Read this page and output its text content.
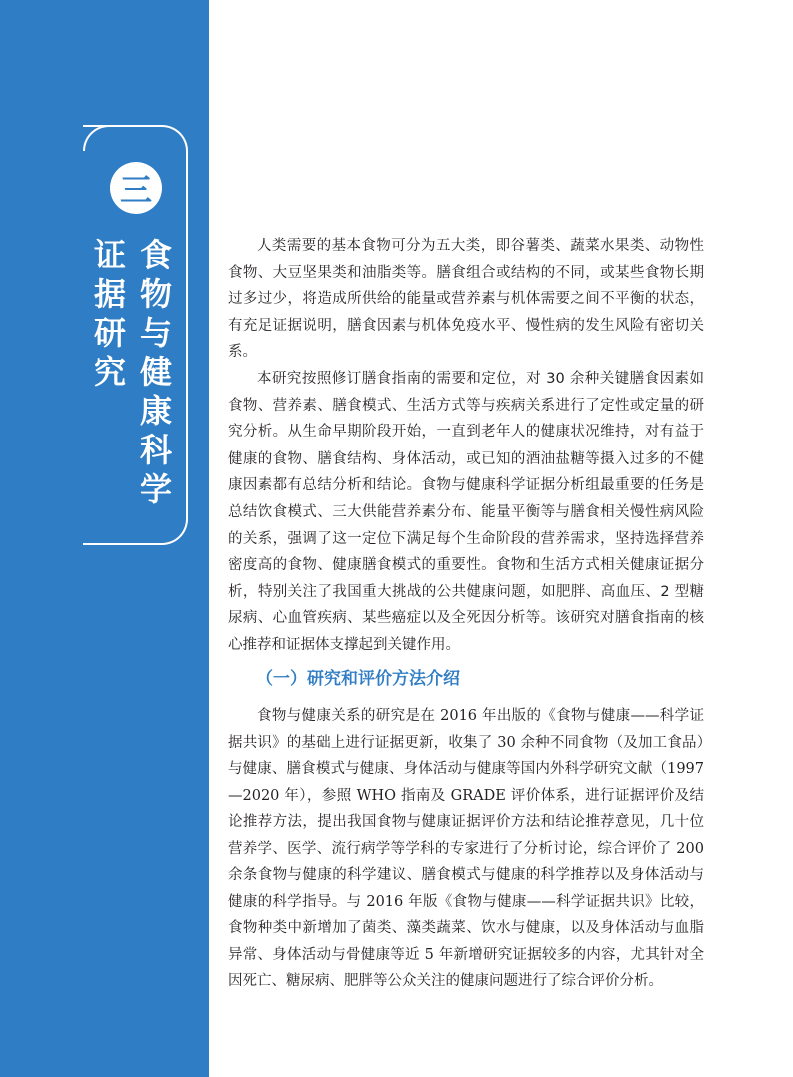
三
食
物
与
健
康
科
学
证
据
研
究

人类需要的基本食物可分为五大类，即谷薯类、蔬菜水果类、动物性食物、大豆坚果类和油脂类等。膳食组合或结构的不同，或某些食物长期过多过少，将造成所供给的能量或营养素与机体需要之间不平衡的状态，有充足证据说明，膳食因素与机体免疫水平、慢性病的发生风险有密切关系。

本研究按照修订膳食指南的需要和定位，对 30 余种关键膳食因素如食物、营养素、膳食模式、生活方式等与疾病关系进行了定性或定量的研究分析。从生命早期阶段开始，一直到老年人的健康状况维持，对有益于健康的食物、膳食结构、身体活动，或已知的酒油盐糖等摄入过多的不健康因素都有总结分析和结论。食物与健康科学证据分析组最重要的任务是总结饮食模式、三大供能营养素分布、能量平衡等与膳食相关慢性病风险的关系，强调了这一定位下满足每个生命阶段的营养需求，坚持选择营养密度高的食物、健康膳食模式的重要性。食物和生活方式相关健康证据分析，特别关注了我国重大挑战的公共健康问题，如肥胖、高血压、2 型糖尿病、心血管疾病、某些癌症以及全死因分析等。该研究对膳食指南的核心推荐和证据体支撑起到关键作用。

（一）研究和评价方法介绍

食物与健康关系的研究是在 2016 年出版的《食物与健康——科学证据共识》的基础上进行证据更新，收集了 30 余种不同食物（及加工食品）与健康、膳食模式与健康、身体活动与健康等国内外科学研究文献（1997—2020 年），参照 WHO 指南及 GRADE 评价体系，进行证据评价及结论推荐方法，提出我国食物与健康证据评价方法和结论推荐意见，几十位营养学、医学、流行病学等学科的专家进行了分析讨论，综合评价了 200 余条食物与健康的科学建议、膳食模式与健康的科学推荐以及身体活动与健康的科学指导。与 2016 年版《食物与健康——科学证据共识》比较，食物种类中新增加了菌类、藻类蔬菜、饮水与健康，以及身体活动与血脂异常、身体活动与骨健康等近 5 年新增研究证据较多的内容，尤其针对全因死亡、糖尿病、肥胖等公众关注的健康问题进行了综合评价分析。
